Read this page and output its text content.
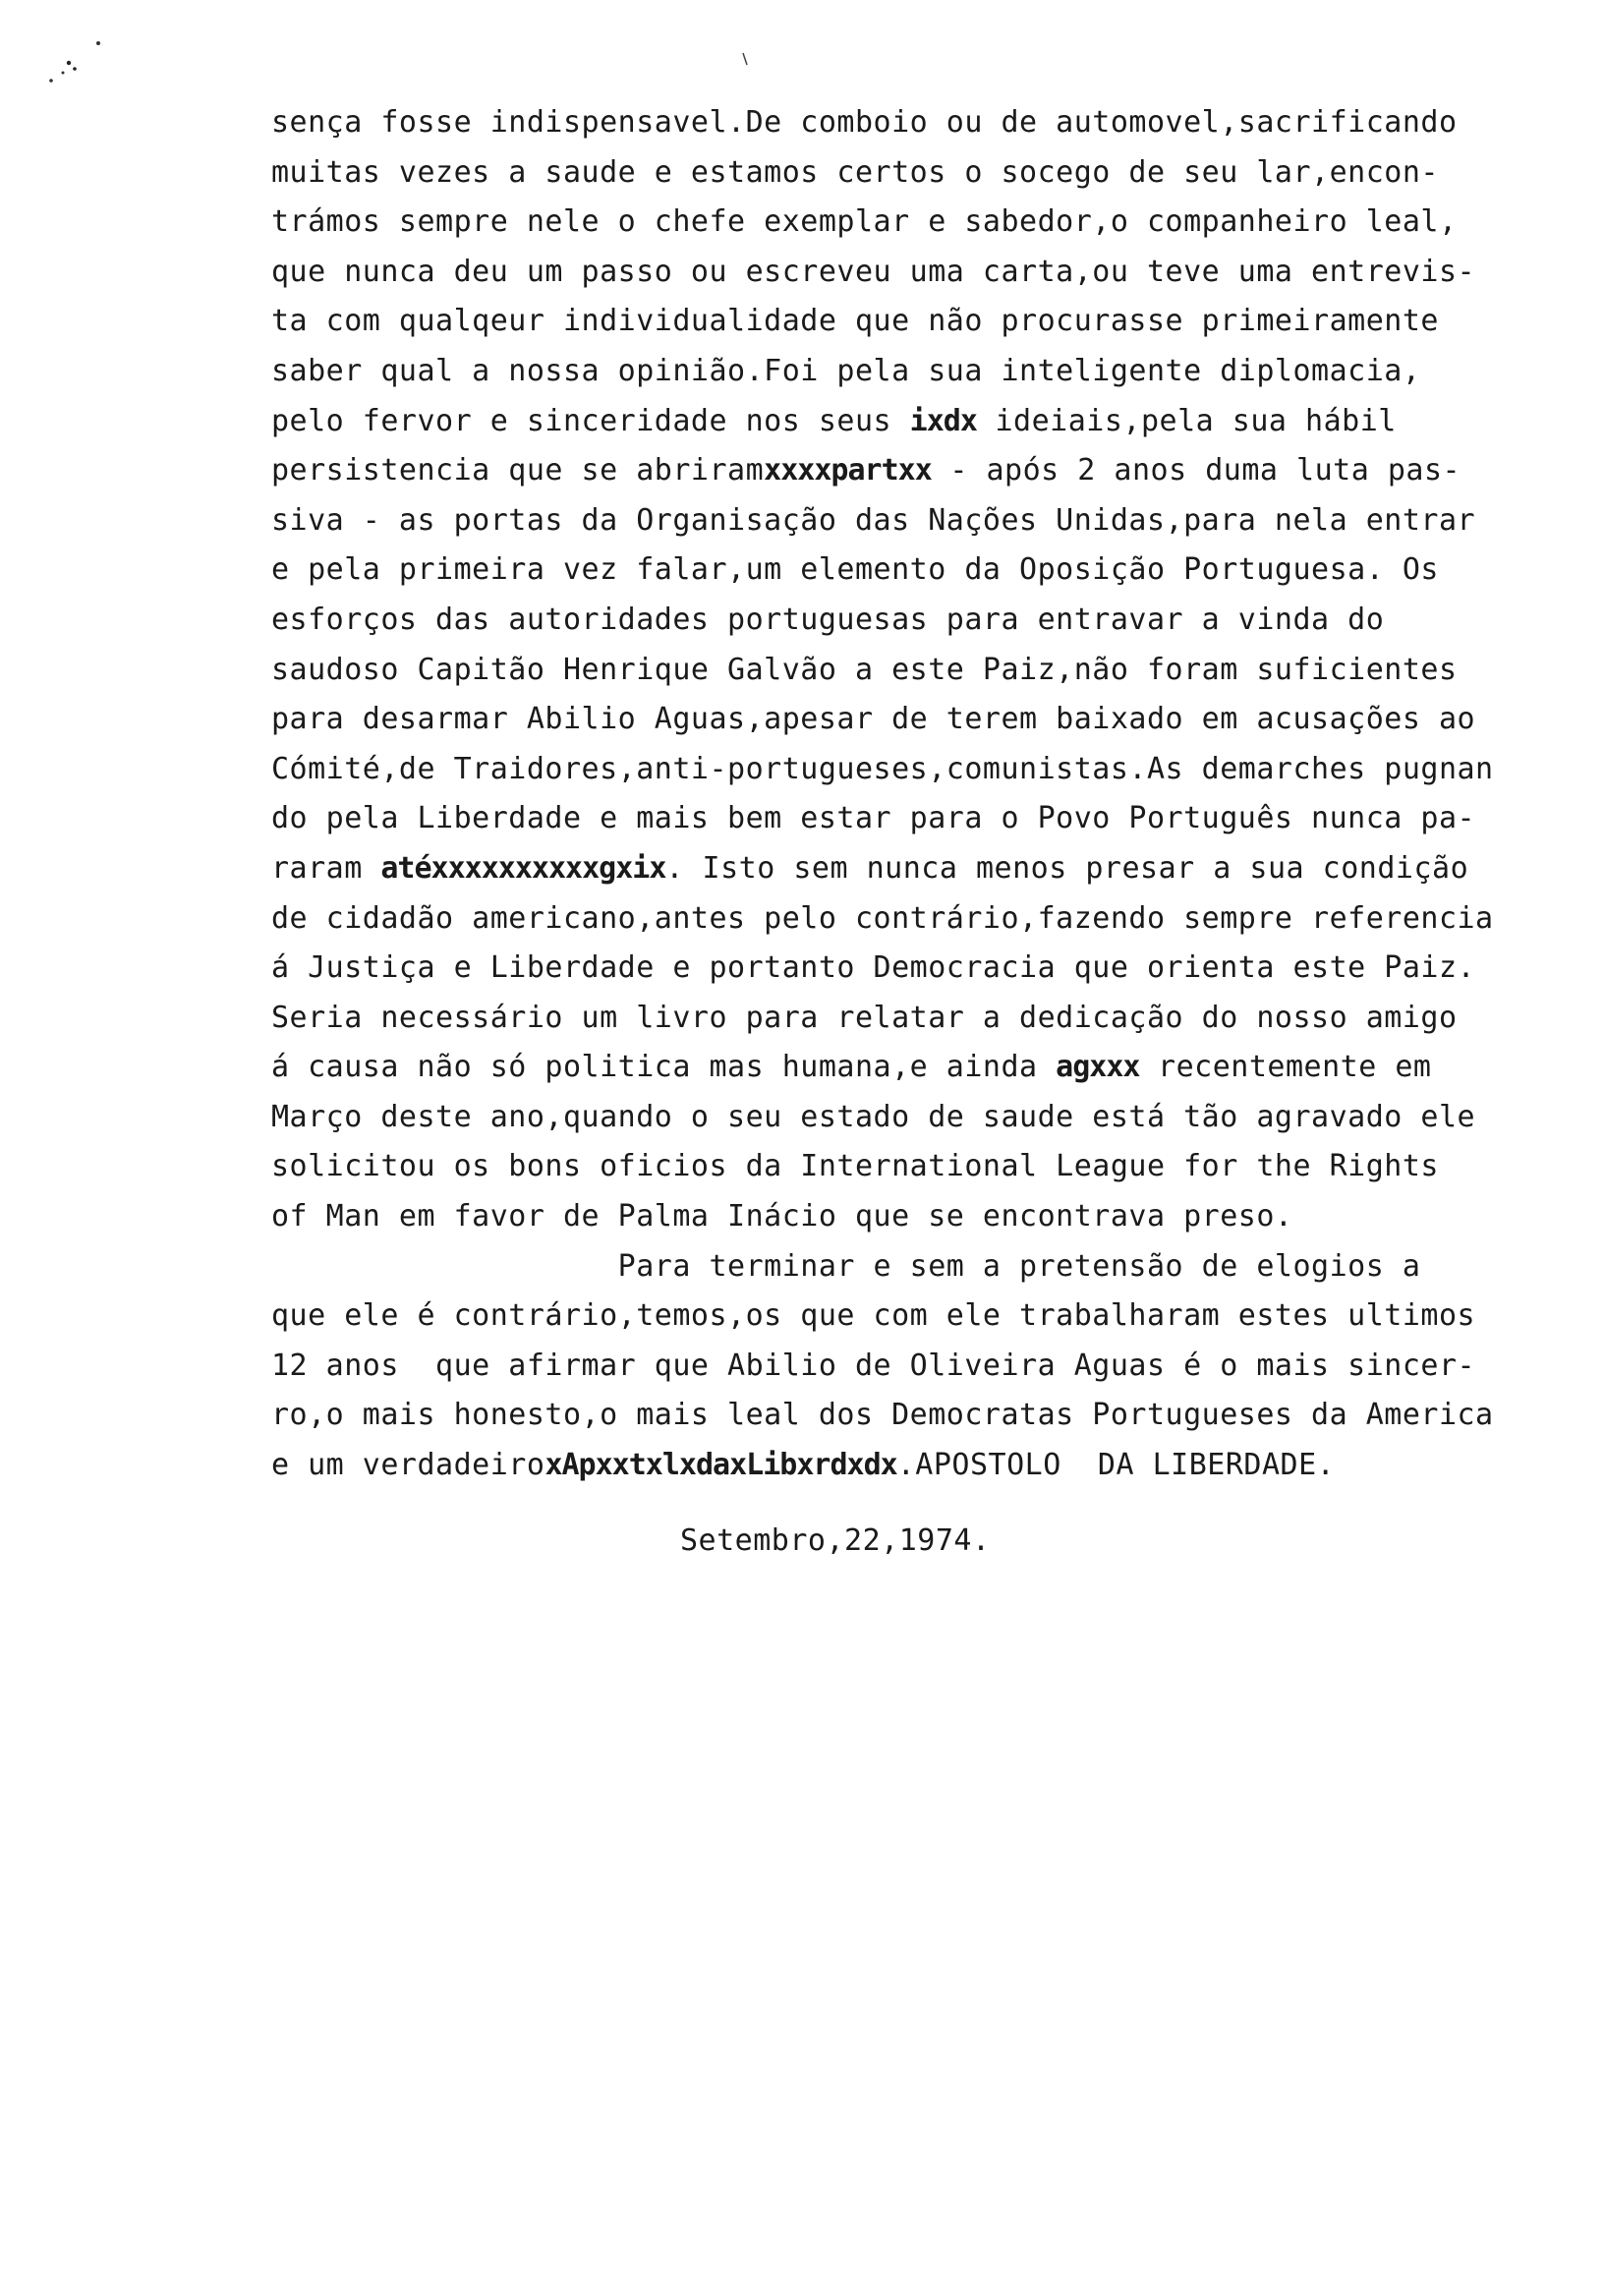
sença fosse indispensavel.De comboio ou de automovel,sacrificando
muitas vezes a saude e estamos certos o socego de seu lar,encon-
trámos sempre nele o chefe exemplar e sabedor,o companheiro leal,
que nunca deu um passo ou escreveu uma carta,ou teve uma entrevis-
ta com qualqeur individualidade que não procurasse primeiramente
saber qual a nossa opinião.Foi pela sua inteligente diplomacia,
pelo fervor e sinceridade nos seus ixdx ideiais,pela sua hábil
persistencia que se abriramxxxxpartxx - após 2 anos duma luta pas-
siva - as portas da Organisação das Nações Unidas,para nela entrar
e pela primeira vez falar,um elemento da Oposição Portuguesa. Os
esforços das autoridades portuguesas para entravar a vinda do
saudoso Capitão Henrique Galvão a este Paiz,não foram suficientes
para desarmar Abilio Aguas,apesar de terem baixado em acusações ao
Cómité,de Traidores,anti-portugueses,comunistas.As demarches pugnan
do pela Liberdade e mais bem estar para o Povo Português nunca pa-
raram atéxxxxxxxxxxgxix. Isto sem nunca menos presar a sua condição
de cidadão americano,antes pelo contrário,fazendo sempre referencia
á Justiça e Liberdade e portanto Democracia que orienta este Paiz.
Seria necessário um livro para relatar a dedicação do nosso amigo
á causa não só politica mas humana,e ainda agxxx recentemente em
Março deste ano,quando o seu estado de saude está tão agravado ele
solicitou os bons oficios da International League for the Rights
of Man em favor de Palma Inácio que se encontrava preso.
Para terminar e sem a pretensão de elogios a
que ele é contrário,temos,os que com ele trabalharam estes ultimos
12 anos  que afirmar que Abilio de Oliveira Aguas é o mais sincer-
ro,o mais honesto,o mais leal dos Democratas Portugueses da America
e um verdadeiroxApxxtxlxdaxLibxrdxdx.APOSTOLO  DA LIBERDADE.

Setembro,22,1974.
